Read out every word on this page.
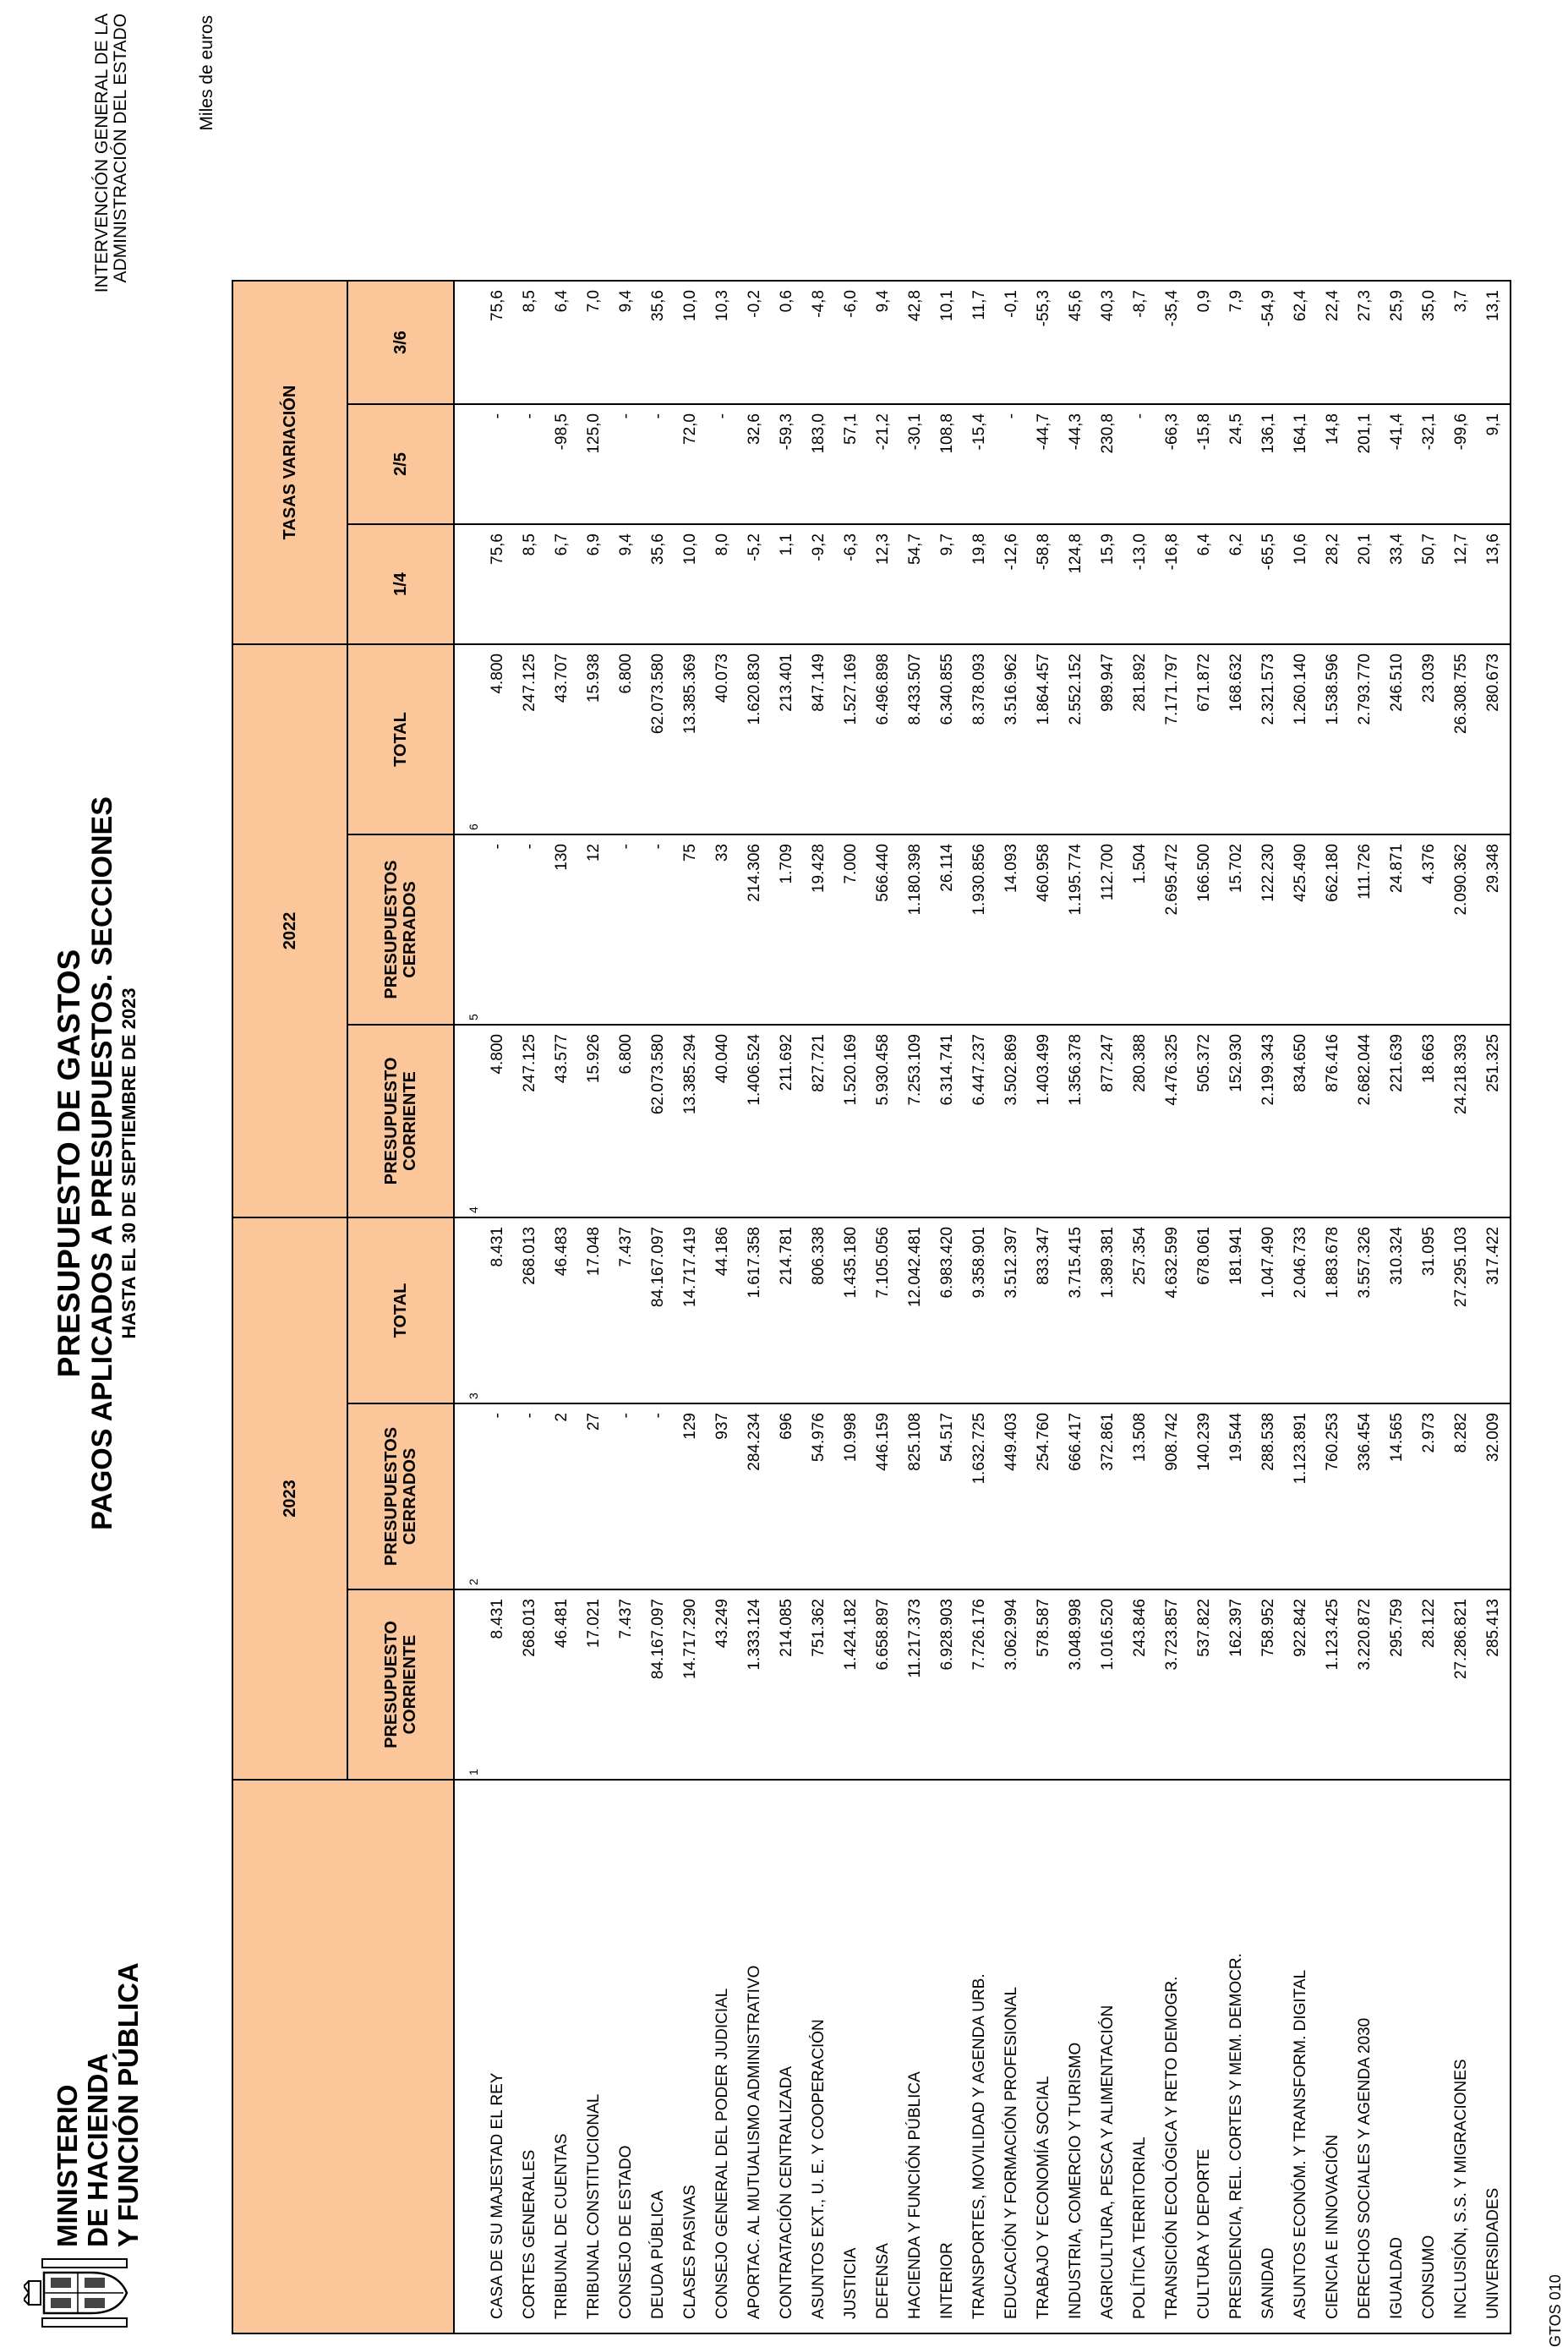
MINISTERIO DE HACIENDA Y FUNCIÓN PÚBLICA
PRESUPUESTO DE GASTOS PAGOS APLICADOS A PRESUPUESTOS. SECCIONES HASTA EL 30 DE SEPTIEMBRE DE 2023
INTERVENCIÓN GENERAL DE LA ADMINISTRACIÓN DEL ESTADO	Miles de euros
	2023			2022			TASAS VARIACIÓN		
	PRESUPUESTO CORRIENTE	PRESUPUESTOS CERRADOS	TOTAL	PRESUPUESTO CORRIENTE	PRESUPUESTOS CERRADOS	TOTAL	1/4	2/5	3/6
	1	2	3	4	5	6			
CASA DE SU MAJESTAD EL REY	8.431	-	8.431	4.800	-	4.800	75,6	-	75,6
CORTES GENERALES	268.013	-	268.013	247.125	-	247.125	8,5	-	8,5
TRIBUNAL DE CUENTAS	46.481	2	46.483	43.577	130	43.707	6,7	-98,5	6,4
TRIBUNAL CONSTITUCIONAL	17.021	27	17.048	15.926	12	15.938	6,9	125,0	7,0
CONSEJO DE ESTADO	7.437	-	7.437	6.800	-	6.800	9,4	-	9,4
DEUDA PÚBLICA	84.167.097	-	84.167.097	62.073.580	-	62.073.580	35,6	-	35,6
CLASES PASIVAS	14.717.290	129	14.717.419	13.385.294	75	13.385.369	10,0	72,0	10,0
CONSEJO GENERAL DEL PODER JUDICIAL	43.249	937	44.186	40.040	33	40.073	8,0	-	10,3
APORTAC. AL MUTUALISMO ADMINISTRATIVO	1.333.124	284.234	1.617.358	1.406.524	214.306	1.620.830	-5,2	32,6	-0,2
CONTRATACIÓN CENTRALIZADA	214.085	696	214.781	211.692	1.709	213.401	1,1	-59,3	0,6
ASUNTOS EXT., U. E. Y COOPERACIÓN	751.362	54.976	806.338	827.721	19.428	847.149	-9,2	183,0	-4,8
JUSTICIA	1.424.182	10.998	1.435.180	1.520.169	7.000	1.527.169	-6,3	57,1	-6,0
DEFENSA	6.658.897	446.159	7.105.056	5.930.458	566.440	6.496.898	12,3	-21,2	9,4
HACIENDA Y FUNCIÓN PÚBLICA	11.217.373	825.108	12.042.481	7.253.109	1.180.398	8.433.507	54,7	-30,1	42,8
INTERIOR	6.928.903	54.517	6.983.420	6.314.741	26.114	6.340.855	9,7	108,8	10,1
TRANSPORTES, MOVILIDAD Y AGENDA URB.	7.726.176	1.632.725	9.358.901	6.447.237	1.930.856	8.378.093	19,8	-15,4	11,7
EDUCACIÓN Y FORMACIÓN PROFESIONAL	3.062.994	449.403	3.512.397	3.502.869	14.093	3.516.962	-12,6	-	-0,1
TRABAJO Y ECONOMÍA SOCIAL	578.587	254.760	833.347	1.403.499	460.958	1.864.457	-58,8	-44,7	-55,3
INDUSTRIA, COMERCIO Y TURISMO	3.048.998	666.417	3.715.415	1.356.378	1.195.774	2.552.152	124,8	-44,3	45,6
AGRICULTURA, PESCA Y ALIMENTACIÓN	1.016.520	372.861	1.389.381	877.247	112.700	989.947	15,9	230,8	40,3
POLÍTICA TERRITORIAL	243.846	13.508	257.354	280.388	1.504	281.892	-13,0	-	-8,7
TRANSICIÓN ECOLÓGICA Y RETO DEMOGR.	3.723.857	908.742	4.632.599	4.476.325	2.695.472	7.171.797	-16,8	-66,3	-35,4
CULTURA Y DEPORTE	537.822	140.239	678.061	505.372	166.500	671.872	6,4	-15,8	0,9
PRESIDENCIA, REL. CORTES Y MEM. DEMOCR.	162.397	19.544	181.941	152.930	15.702	168.632	6,2	24,5	7,9
SANIDAD	758.952	288.538	1.047.490	2.199.343	122.230	2.321.573	-65,5	136,1	-54,9
ASUNTOS ECONÓM. Y TRANSFORM. DIGITAL	922.842	1.123.891	2.046.733	834.650	425.490	1.260.140	10,6	164,1	62,4
CIENCIA E INNOVACIÓN	1.123.425	760.253	1.883.678	876.416	662.180	1.538.596	28,2	14,8	22,4
DERECHOS SOCIALES Y AGENDA 2030	3.220.872	336.454	3.557.326	2.682.044	111.726	2.793.770	20,1	201,1	27,3
IGUALDAD	295.759	14.565	310.324	221.639	24.871	246.510	33,4	-41,4	25,9
CONSUMO	28.122	2.973	31.095	18.663	4.376	23.039	50,7	-32,1	35,0
INCLUSIÓN, S.S. Y MIGRACIONES	27.286.821	8.282	27.295.103	24.218.393	2.090.362	26.308.755	12,7	-99,6	3,7
UNIVERSIDADES	285.413	32.009	317.422	251.325	29.348	280.673	13,6	9,1	13,1
GTOS 010
